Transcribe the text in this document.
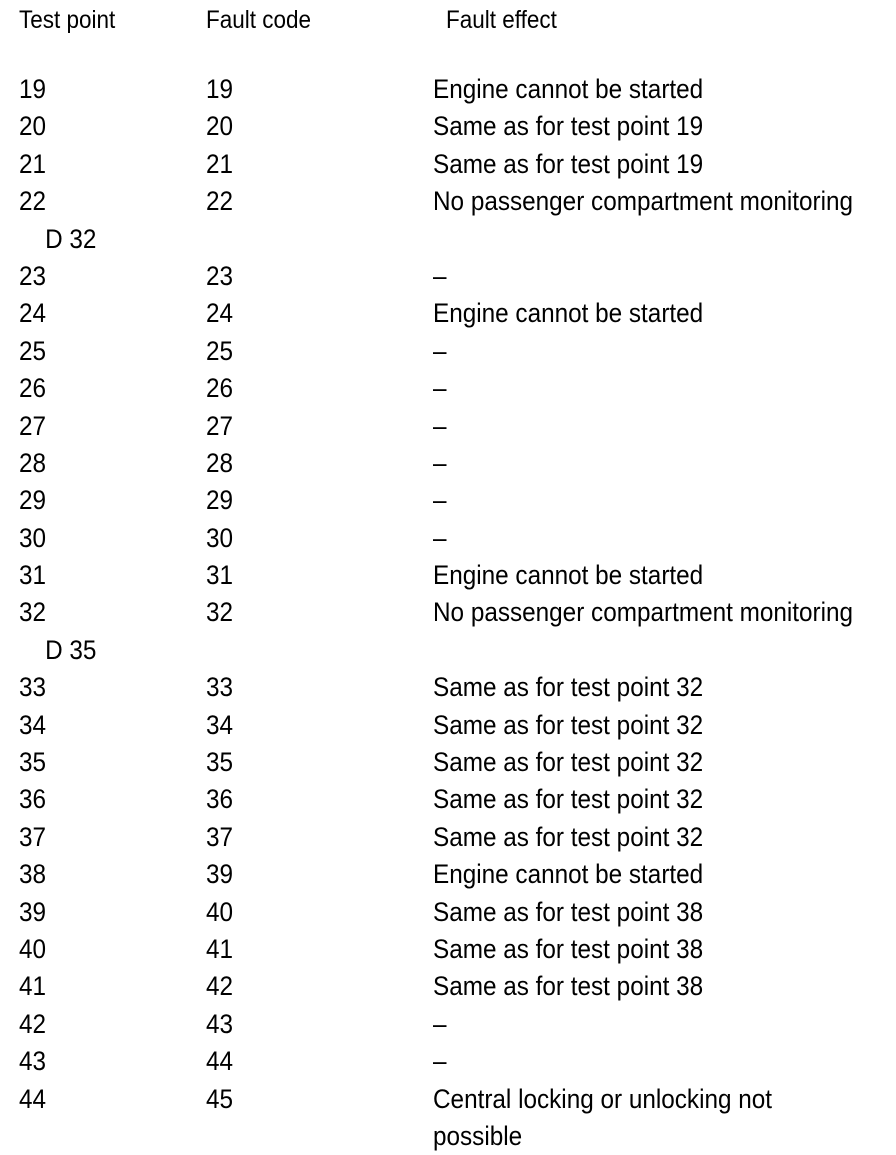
Test point	Fault code	Fault effect
19	19	Engine cannot be started
20	20	Same as for test point 19
21	21	Same as for test point 19
22	22	No passenger compartment monitoring
D 32
23	23	–
24	24	Engine cannot be started
25	25	–
26	26	–
27	27	–
28	28	–
29	29	–
30	30	–
31	31	Engine cannot be started
32	32	No passenger compartment monitoring
D 35
33	33	Same as for test point 32
34	34	Same as for test point 32
35	35	Same as for test point 32
36	36	Same as for test point 32
37	37	Same as for test point 32
38	39	Engine cannot be started
39	40	Same as for test point 38
40	41	Same as for test point 38
41	42	Same as for test point 38
42	43	–
43	44	–
44	45	Central locking or unlocking not possible
